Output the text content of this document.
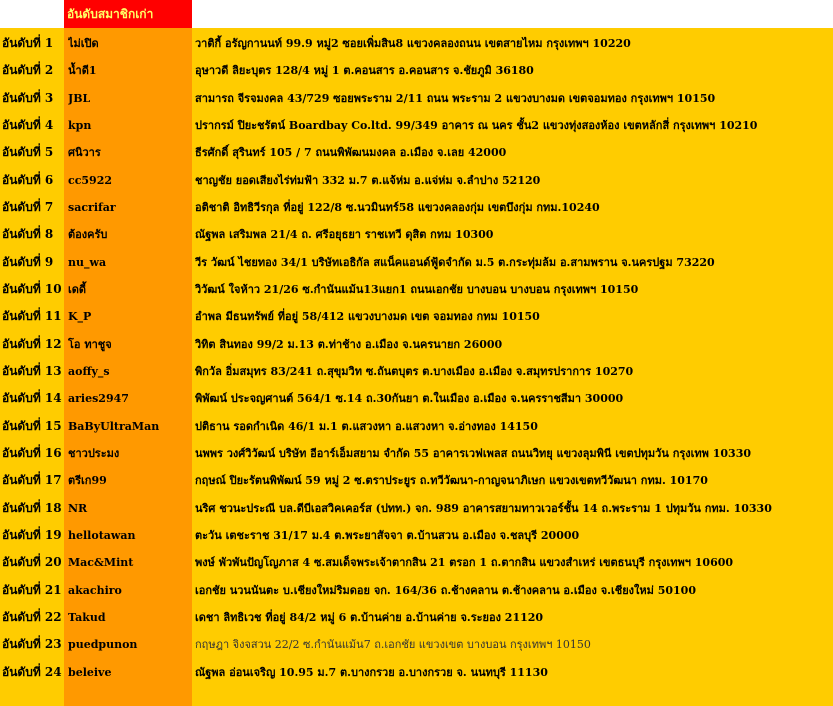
อันดับสมาชิกเก่า
อันดับที่ 1	ไม่เปิด	วาติกี้ อรัญกานนท์ 99.9 หมู่2 ซอยเพิ่มสิน8 แขวงคลองถนน เขตสายไหม กรุงเทพฯ 10220
อันดับที่ 2	น้ำดี1	อุษาวดี ลิยะบุตร 128/4 หมู่ 1 ต.คอนสาร อ.คอนสาร จ.ชัยภูมิ 36180
อันดับที่ 3	JBL	สามารถ จีรจมงคล 43/729 ซอยพระราม 2/11 ถนน พระราม 2 แขวงบางมด เขตจอมทอง กรุงเทพฯ 10150
อันดับที่ 4	kpn	ปรากรม์ ปิยะชรัตน์ Boardbay Co.ltd. 99/349 อาคาร ณ นคร ชั้น2 แขวงทุ่งสองห้อง เขตหลักสี่ กรุงเทพฯ 10210
อันดับที่ 5	ศนิวาร	ธีรศักดิ์ สุรินทร์ 105 / 7 ถนนพิพัฒนมงคล อ.เมือง จ.เลย 42000
อันดับที่ 6	cc5922	ชาญชัย ยอดเสียงไร่ท่มฟ้า 332 ม.7 ต.แจ้ห่ม อ.แจ่ห่ม จ.ลำปาง 52120
อันดับที่ 7	sacrifar	อติชาติ อิทธิวีรกุล ที่อยู่ 122/8 ซ.นวมินทร์58 แขวงคลองกุ่ม เขตบึงกุ่ม กทม.10240
อันดับที่ 8	ต้องครับ	ณัฐพล เสริมพล 21/4 ถ. ศรีอยุธยา ราชเทวี ดุสิต กทม 10300
อันดับที่ 9	nu_wa	วีร วัฒน์ ไชยทอง 34/1 บริษัทเอธิกัล สแน็คแอนด์ฟู้ดจำกัด ม.5 ต.กระทุ่มล้ม อ.สามพราน จ.นครปฐม 73220
อันดับที่ 10 เดดี้	วิวัฒน์ ใจห้าว 21/26 ซ.กำนันแม้น13แยก1 ถนนเอกชัย บางบอน บางบอน กรุงเทพฯ 10150
อันดับที่ 11 K_P	อำพล มีธนทรัพย์ ที่อยู่ 58/412 แขวงบางมด เขต จอมทอง กทม 10150
อันดับที่ 12 โอ ทาชูจ	วิทิต สินทอง 99/2 ม.13 ต.ท่าช้าง อ.เมือง จ.นครนายก 26000
อันดับที่ 13 aoffy_s	พิกวัล อิ่มสมุทร 83/241 ถ.สุขุมวิท ซ.ถันตบุตร ต.บางเมือง อ.เมือง จ.สมุทรปราการ 10270
อันดับที่ 14 aries2947	พิพัฒน์ ประจญศานต์ 564/1 ซ.14 ถ.30กันยา ต.ในเมือง อ.เมือง จ.นครราชสีมา 30000
อันดับที่ 15 BaByUltraMan	ปติธาน รอดกำเนิด 46/1 ม.1 ต.แสวงหา อ.แสวงหา จ.อ่างทอง 14150
อันดับที่ 16 ชาวประมง	นพพร วงศ์วิวัฒน์ บริษัท อีอาร์เอ็มสยาม จำกัด 55 อาคารเวฟเพลส ถนนวิทยุ แขวงลุมพินี เขตปทุมวัน กรุงเทพ 10330
อันดับที่ 17 ตรีเก99	กฤษณ์ ปิยะรัตนพิพัฒน์ 59 หมู่ 2 ซ.ตราประยูร ถ.ทวีวัฒนา-กาญจนาภิเษก แขวงเขตทวีวัฒนา กทม. 10170
อันดับที่ 18 NR	นริศ ชวนะประณี บล.ดีบีเอสวิคเคอร์ส (ปทท.) จก. 989 อาคารสยามทาวเวอร์ชั้น 14 ถ.พระราม 1 ปทุมวัน กทม. 10330
อันดับที่ 19 hellotawan	ตะวัน เตชะราช 31/17 ม.4 ต.พระยาสัจจา ต.บ้านสวน อ.เมือง จ.ชลบุรี 20000
อันดับที่ 20 Mac&Mint	พงษ์ พัวพันปัญโญภาส 4 ซ.สมเด็จพระเจ้าตากสิน 21 ตรอก 1 ถ.ตากสิน แขวงสำเหร่ เขตธนบุรี กรุงเทพฯ 10600
อันดับที่ 21 akachiro	เอกชัย นวนนันตะ บ.เชียงใหม่ริมดอย จก. 164/36 ถ.ช้างคลาน ต.ช้างคลาน อ.เมือง จ.เชียงใหม่ 50100
อันดับที่ 22 Takud	เดชา ลิทธิเวช ที่อยู่ 84/2 หมู่ 6 ต.บ้านค่าย อ.บ้านค่าย จ.ระยอง 21120
อันดับที่ 23 puedpunon	กฤษฎา จิงจสวน 22/2 ซ.กำนันแม้น7 ถ.เอกชัย แขวงเขต บางบอน กรุงเทพฯ 10150
อันดับที่ 24 beleive	ณัฐพล อ่อนเจริญ 10.95 ม.7 ต.บางกรวย อ.บางกรวย จ. นนทบุรี 11130
